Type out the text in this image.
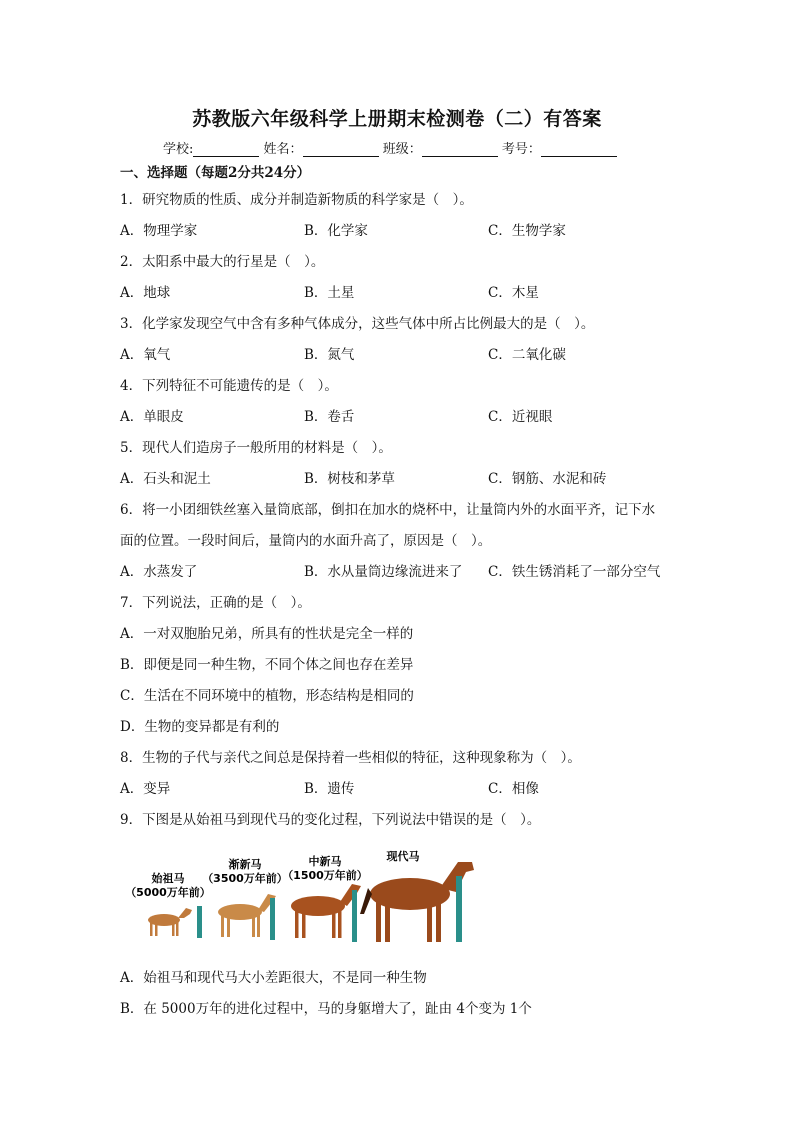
苏教版六年级科学上册期末检测卷（二）有答案
学校:	姓名：	班级：	考号：
一、选择题（每题2分共24分）
1．研究物质的性质、成分并制造新物质的科学家是（　）。
A．物理学家	B．化学家	C．生物学家
2．太阳系中最大的行星是（　）。
A．地球	B．土星	C．木星
3．化学家发现空气中含有多种气体成分，这些气体中所占比例最大的是（　）。
A．氧气	B．氮气	C．二氧化碳
4．下列特征不可能遗传的是（　）。
A．单眼皮	B．卷舌	C．近视眼
5．现代人们造房子一般所用的材料是（　）。
A．石头和泥土	B．树枝和茅草	C．钢筋、水泥和砖
6．将一小团细铁丝塞入量筒底部，倒扣在加水的烧杯中，让量筒内外的水面平齐，记下水
面的位置。一段时间后，量筒内的水面升高了，原因是（　）。
A．水蒸发了	B．水从量筒边缘流进来了 C．铁生锈消耗了一部分空气
7．下列说法，正确的是（　）。
A．一对双胞胎兄弟，所具有的性状是完全一样的
B．即便是同一种生物，不同个体之间也存在差异
C．生活在不同环境中的植物，形态结构是相同的
D．生物的变异都是有利的
8．生物的子代与亲代之间总是保持着一些相似的特征，这种现象称为（　）。
A．变异	B．遗传	C．相像
9．下图是从始祖马到现代马的变化过程，下列说法中错误的是（　）。
始祖马
（5000万年前）
渐新马
（3500万年前）
中新马
（1500万年前）
现代马
A．始祖马和现代马大小差距很大，不是同一种生物
B．在 5000万年的进化过程中，马的身躯增大了，趾由 4个变为 1个
